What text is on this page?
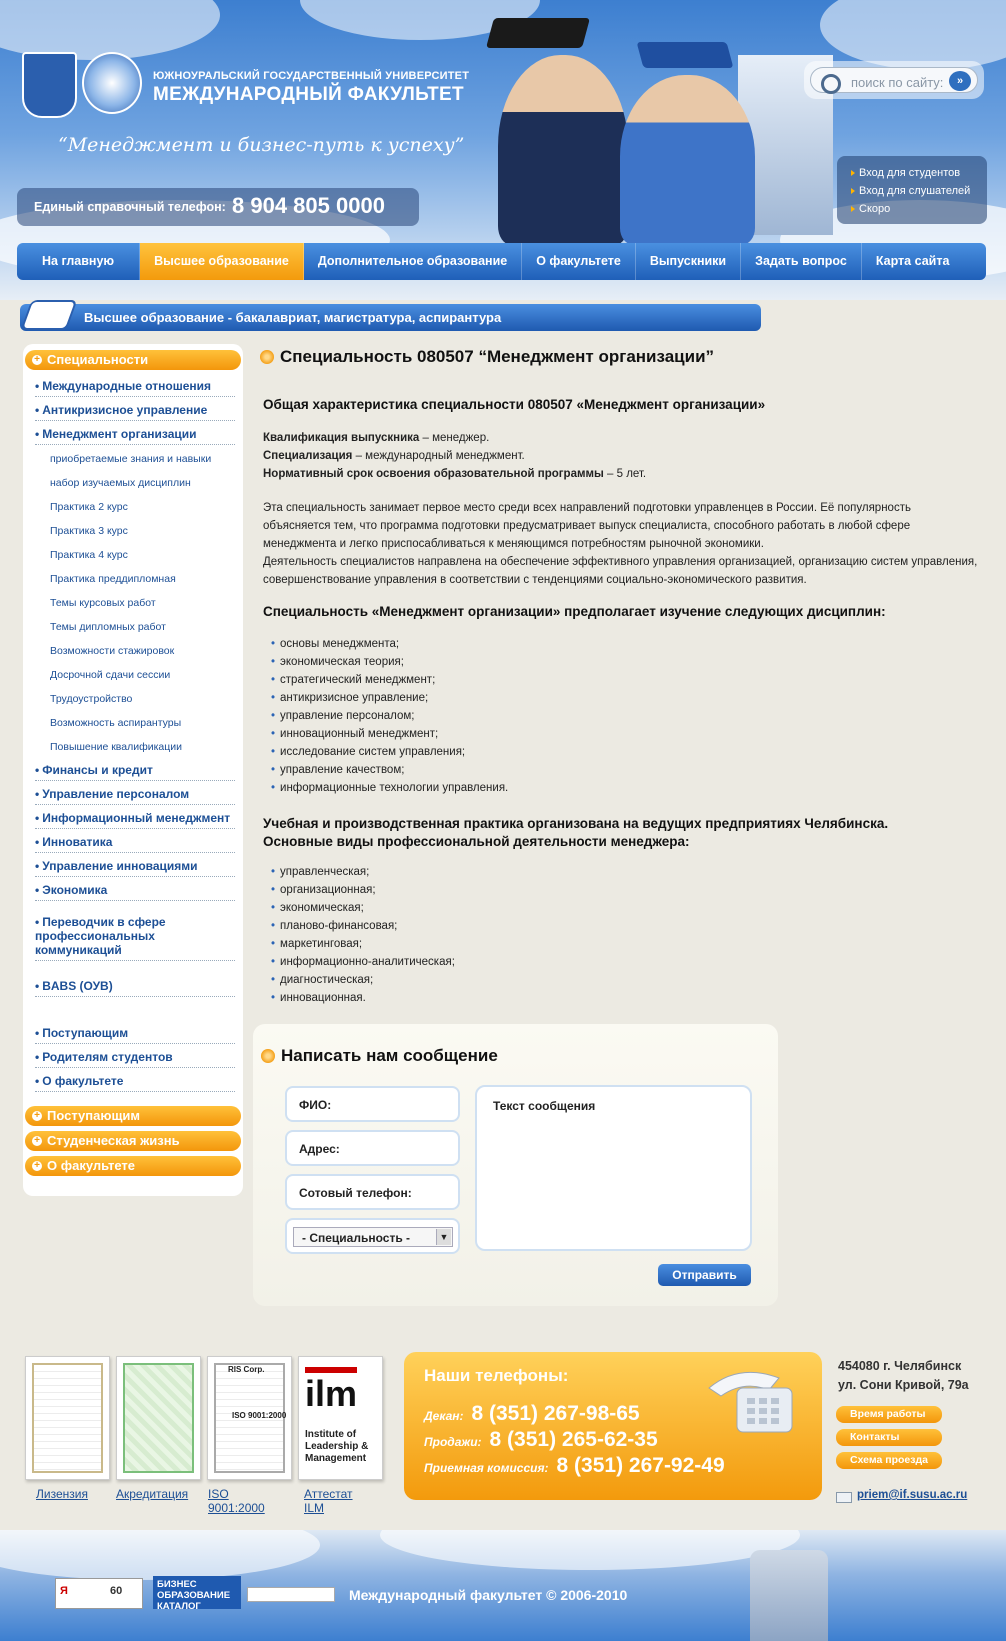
ЮЖНОУРАЛЬСКИЙ ГОСУДАРСТВЕННЫЙ УНИВЕРСИТЕТ
МЕЖДУНАРОДНЫЙ ФАКУЛЬТЕТ
“Менеджмент и бизнес-путь к успеху”
Единый справочный телефон: 8 904 805 0000
поиск по сайту:	»
Вход для студентов
Вход для слушателей
Скоро
На главную	Высшее образование	Дополнительное образование	О факультете	Выпускники	Задать вопрос	Карта сайта
Высшее образование - бакалавриат, магистратура, аспирантура
+ Специальности
• Международные отношения
• Антикризисное управление
• Менеджмент организации
приобретаемые знания и навыки
набор изучаемых дисциплин
Практика 2 курс
Практика 3 курс
Практика 4 курс
Практика преддипломная
Темы курсовых работ
Темы дипломных работ
Возможности стажировок
Досрочной сдачи сессии
Трудоустройство
Возможность аспирантуры
Повышение квалификации
• Финансы и кредит
• Управление персоналом
• Информационный менеджмент
• Инноватика
• Управление инновациями
• Экономика
• Переводчик в сфере профессиональных коммуникаций
• BABS (ОУВ)
• Поступающим
• Родителям студентов
• О факультете
+ Поступающим
+ Студенческая жизнь
+ О факультете
Специальность 080507 “Менеджмент организации”
Общая характеристика специальности 080507 «Менеджмент организации»
Квалификация выпускника – менеджер.
Специализация – международный менеджмент.
Нормативный срок освоения образовательной программы – 5 лет.
Эта специальность занимает первое место среди всех направлений подготовки управленцев в России. Её популярность объясняется тем, что программа подготовки предусматривает выпуск специалиста, способного работать в любой сфере менеджмента и легко приспосабливаться к меняющимся потребностям рыночной экономики.
Деятельность специалистов направлена на обеспечение эффективного управления организацией, организацию систем управления, совершенствование управления в соответствии с тенденциями социально-экономического развития.
Специальность «Менеджмент организации» предполагает изучение следующих дисциплин:
• основы менеджмента;
• экономическая теория;
• стратегический менеджмент;
• антикризисное управление;
• управление персоналом;
• инновационный менеджмент;
• исследование систем управления;
• управление качеством;
• информационные технологии управления.
Учебная и производственная практика организована на ведущих предприятиях Челябинска.
Основные виды профессиональной деятельности менеджера:
• управленческая;
• организационная;
• экономическая;
• планово-финансовая;
• маркетинговая;
• информационно-аналитическая;
• диагностическая;
• инновационная.
Написать нам сообщение
ФИО:
Адрес:
Сотовый телефон:
- Специальность -	▼
Текст сообщения
Отправить
RIS Corp.
ISO 9001:2000
ilm
Institute of Leadership & Management
Лизензия Акредитация ISO 9001:2000
Аттестат ILM
Наши телефоны:
Декан: 8 (351) 267-98-65
Продажи: 8 (351) 265-62-35
Приемная комиссия: 8 (351) 267-92-49
454080 г. Челябинск
ул. Сони Кривой, 79а
Время работы
Контакты
Схема проезда
priem@if.susu.ac.ru
Я	60
БИЗНЕС ОБРАЗОВАНИЕ КАТАЛОГ
Международный факультет © 2006-2010
